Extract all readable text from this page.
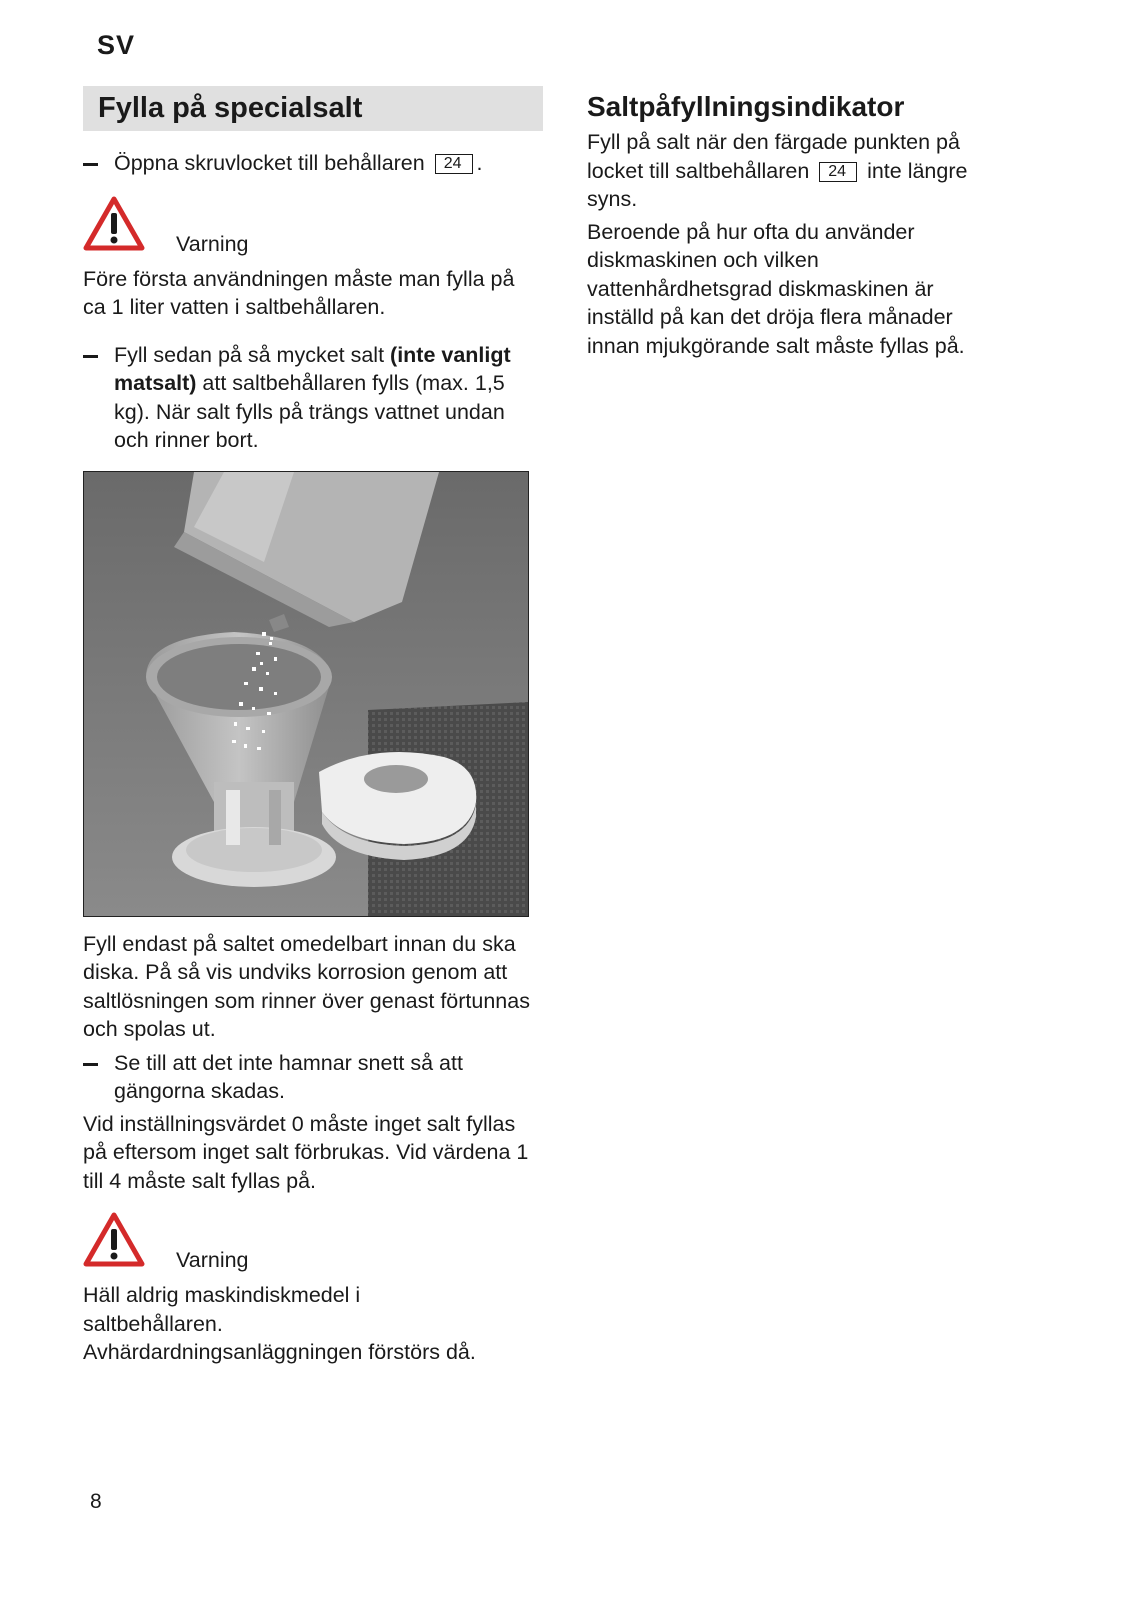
SV
Fylla på specialsalt
Öppna skruvlocket till behållaren 24 .
Varning

Före första användningen måste man fylla på ca 1 liter vatten i saltbehållaren.

Fyll sedan på så mycket salt (inte vanligt matsalt) att saltbehållaren fylls (max. 1,5 kg). När salt fylls på trängs vattnet undan och rinner bort.

Fyll endast på saltet omedelbart innan du ska diska. På så vis undviks korrosion genom att saltlösningen som rinner över genast förtunnas och spolas ut.

Se till att det inte hamnar snett så att gängorna skadas.

Vid inställningsvärdet 0 måste inget salt fyllas på eftersom inget salt förbrukas. Vid värdena 1 till 4 måste salt fyllas på.

Varning

Häll aldrig maskindiskmedel i saltbehållaren.

Avhärdardningsanläggningen förstörs då.

Saltpåfyllningsindikator

Fyll på salt när den färgade punkten på locket till saltbehållaren 24 inte längre syns.

Beroende på hur ofta du använder diskmaskinen och vilken vattenhårdhetsgrad diskmaskinen är inställd på kan det dröja flera månader innan mjukgörande salt måste fyllas på.

8
